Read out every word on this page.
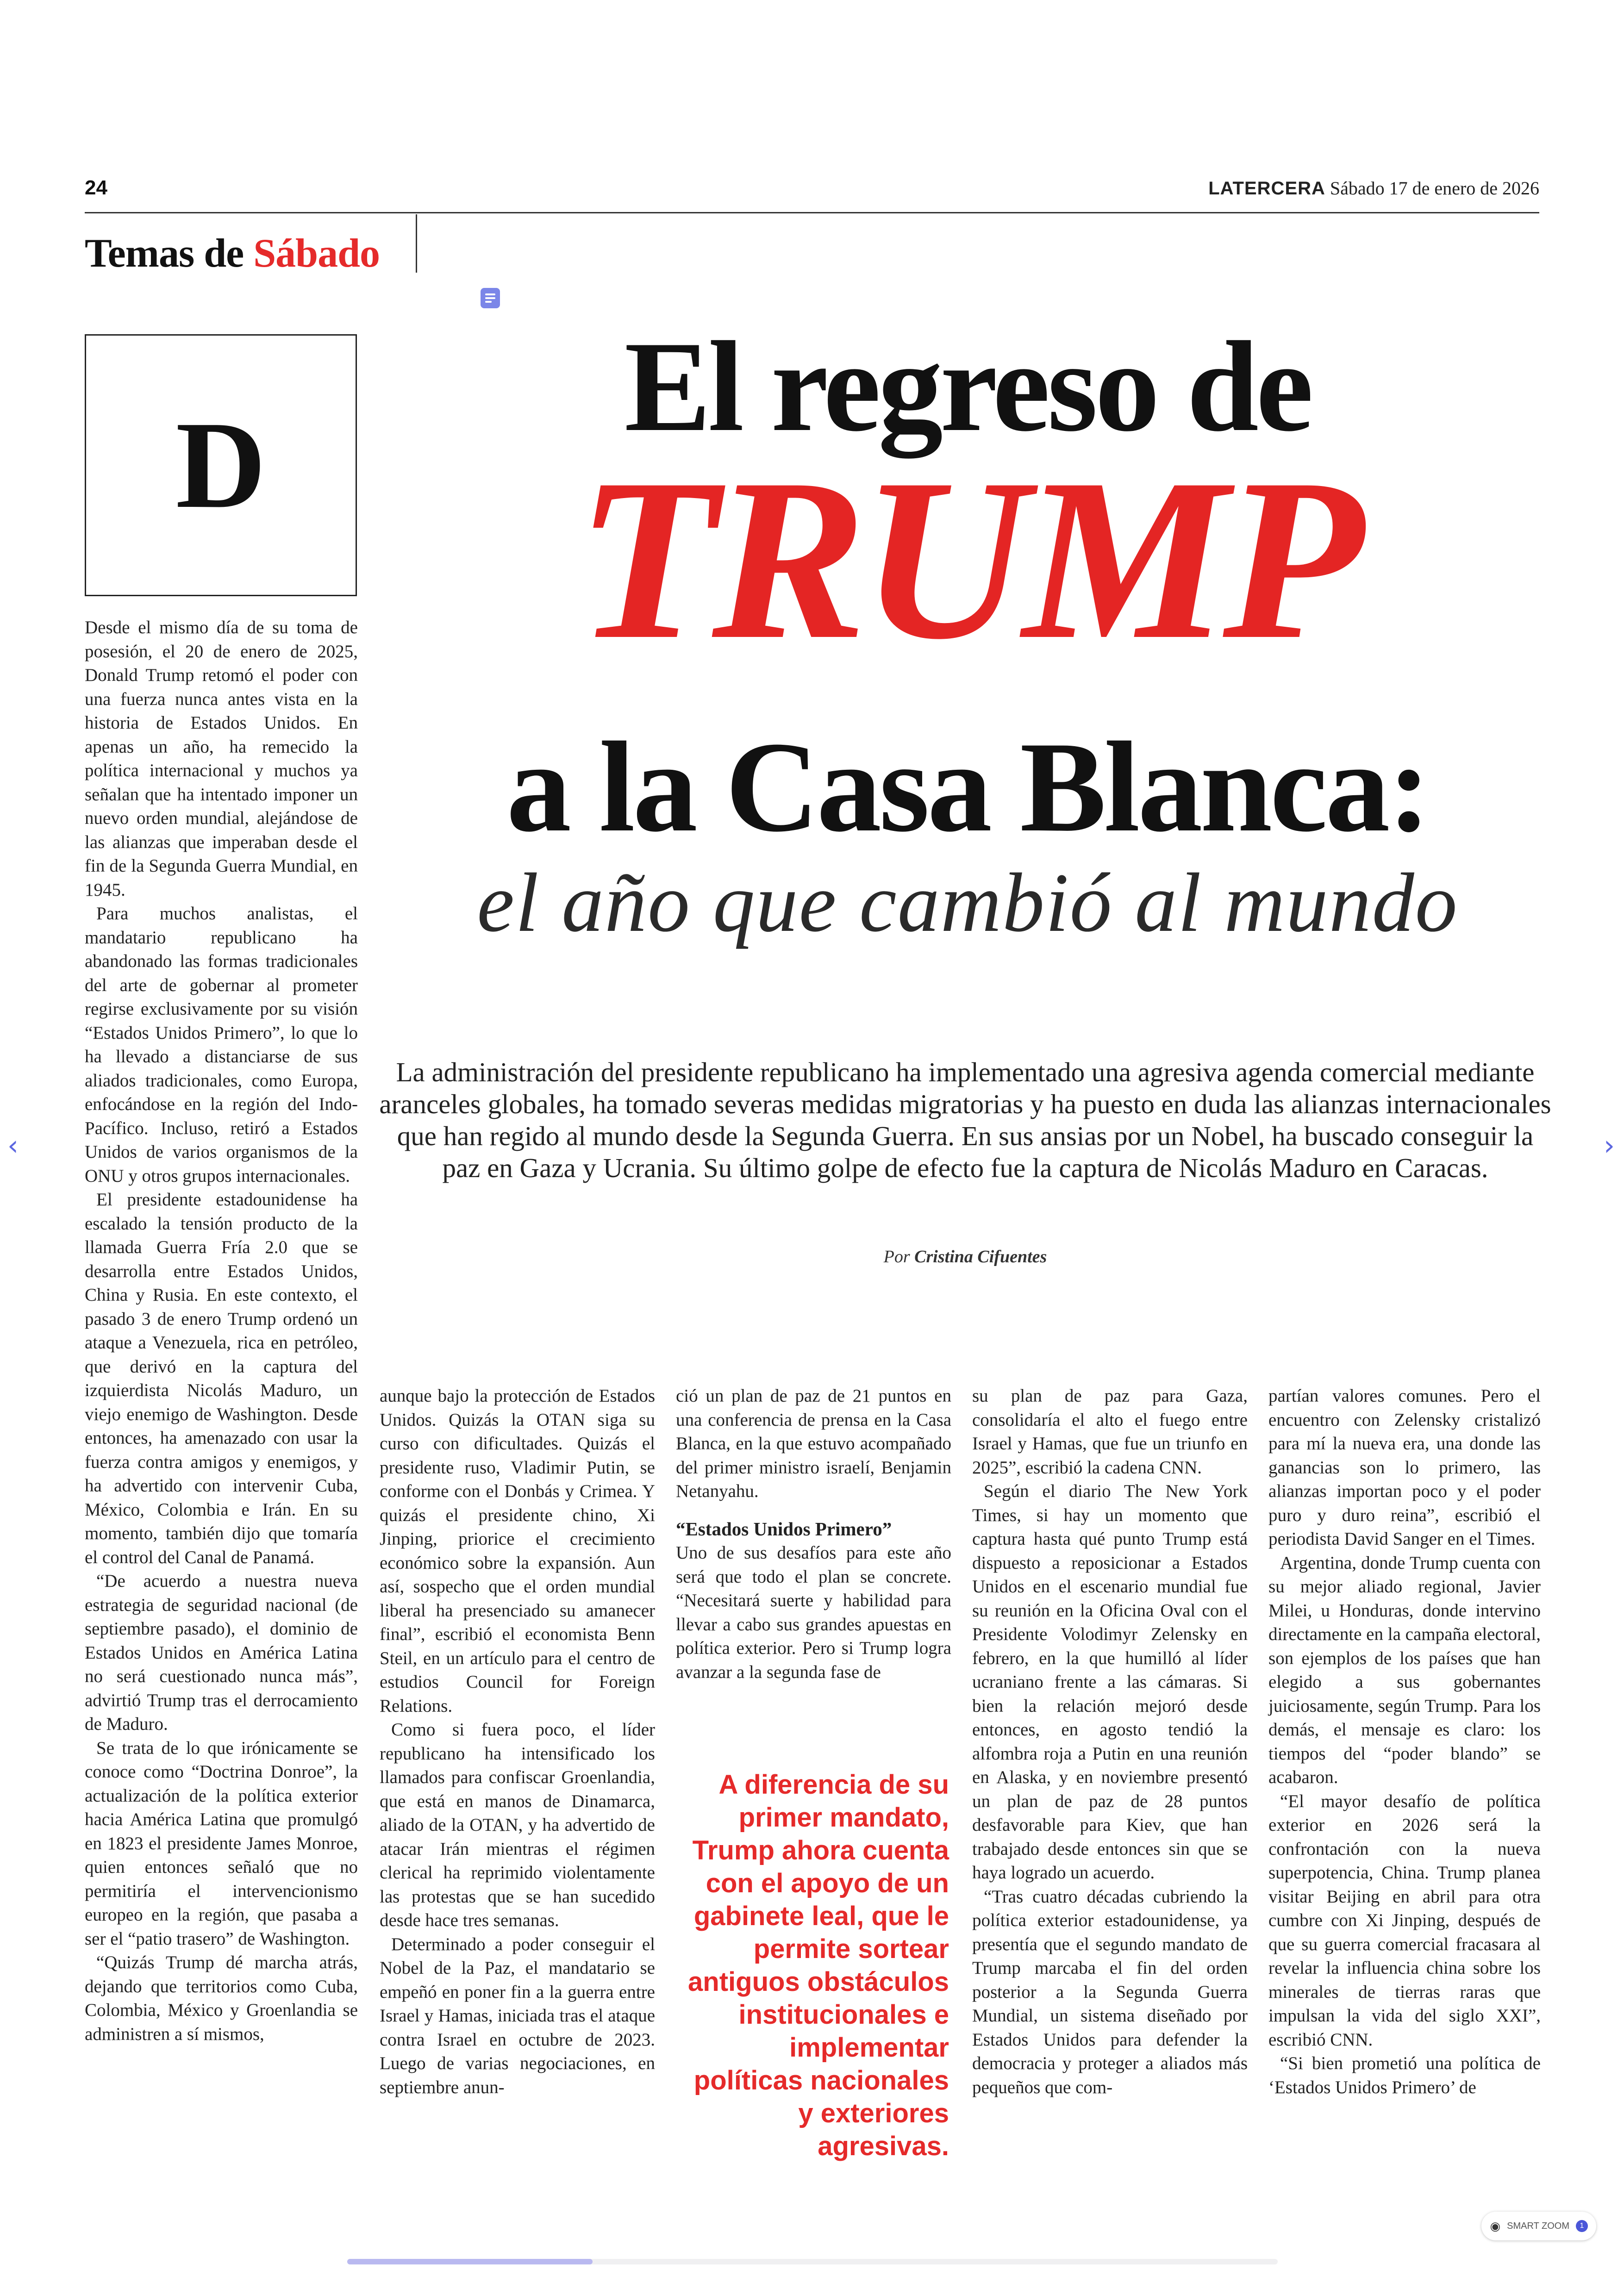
24	LATERCERA Sábado 17 de enero de 2026
Temas de Sábado
D
El regreso de
TRUMP
a la Casa Blanca:
el año que cambió al mundo
La administración del presidente republicano ha implementado una agresiva agenda comercial mediante aranceles globales, ha tomado severas medidas migratorias y ha puesto en duda las alianzas internacionales que han regido al mundo desde la Segunda Guerra. En sus ansias por un Nobel, ha buscado conseguir la paz en Gaza y Ucrania. Su último golpe de efecto fue la captura de Nicolás Maduro en Caracas.
Por Cristina Cifuentes

Desde el mismo día de su toma de posesión, el 20 de enero de 2025, Donald Trump retomó el poder con una fuerza nunca antes vista en la historia de Estados Unidos. En apenas un año, ha remecido la política internacional y muchos ya señalan que ha intentado imponer un nuevo orden mundial, alejándose de las alianzas que imperaban desde el fin de la Segunda Guerra Mundial, en 1945.

Para muchos analistas, el mandatario republicano ha abandonado las formas tradicionales del arte de gobernar al prometer regirse exclusivamente por su visión “Estados Unidos Primero”, lo que lo ha llevado a distanciarse de sus aliados tradicionales, como Europa, enfocándose en la región del Indo-Pacífico. Incluso, retiró a Estados Unidos de varios organismos de la ONU y otros grupos internacionales.

El presidente estadounidense ha escalado la tensión producto de la llamada Guerra Fría 2.0 que se desarrolla entre Estados Unidos, China y Rusia. En este contexto, el pasado 3 de enero Trump ordenó un ataque a Venezuela, rica en petróleo, que derivó en la captura del izquierdista Nicolás Maduro, un viejo enemigo de Washington. Desde entonces, ha amenazado con usar la fuerza contra amigos y enemigos, y ha advertido con intervenir Cuba, México, Colombia e Irán. En su momento, también dijo que tomaría el control del Canal de Panamá.

“De acuerdo a nuestra nueva estrategia de seguridad nacional (de septiembre pasado), el dominio de Estados Unidos en América Latina no será cuestionado nunca más”, advirtió Trump tras el derrocamiento de Maduro.

Se trata de lo que irónicamente se conoce como “Doctrina Donroe”, la actualización de la política exterior hacia América Latina que promulgó en 1823 el presidente James Monroe, quien entonces señaló que no permitiría el intervencionismo europeo en la región, que pasaba a ser el “patio trasero” de Washington.

“Quizás Trump dé marcha atrás, dejando que territorios como Cuba, Colombia, México y Groenlandia se administren a sí mismos,

aunque bajo la protección de Estados Unidos. Quizás la OTAN siga su curso con dificultades. Quizás el presidente ruso, Vladimir Putin, se conforme con el Donbás y Crimea. Y quizás el presidente chino, Xi Jinping, priorice el crecimiento económico sobre la expansión. Aun así, sospecho que el orden mundial liberal ha presenciado su amanecer final”, escribió el economista Benn Steil, en un artículo para el centro de estudios Council for Foreign Relations.

Como si fuera poco, el líder republicano ha intensificado los llamados para confiscar Groenlandia, que está en manos de Dinamarca, aliado de la OTAN, y ha advertido de atacar Irán mientras el régimen clerical ha reprimido violentamente las protestas que se han sucedido desde hace tres semanas.

Determinado a poder conseguir el Nobel de la Paz, el mandatario se empeñó en poner fin a la guerra entre Israel y Hamas, iniciada tras el ataque contra Israel en octubre de 2023. Luego de varias negociaciones, en septiembre anun-

ció un plan de paz de 21 puntos en una conferencia de prensa en la Casa Blanca, en la que estuvo acompañado del primer ministro israelí, Benjamin Netanyahu.

“Estados Unidos Primero”

Uno de sus desafíos para este año será que todo el plan se concrete. “Necesitará suerte y habilidad para llevar a cabo sus grandes apuestas en política exterior. Pero si Trump logra avanzar a la segunda fase de

A diferencia de su primer mandato, Trump ahora cuenta con el apoyo de un gabinete leal, que le permite sortear antiguos obstáculos institucionales e implementar políticas nacionales y exteriores agresivas.

su plan de paz para Gaza, consolidaría el alto el fuego entre Israel y Hamas, que fue un triunfo en 2025”, escribió la cadena CNN.

Según el diario The New York Times, si hay un momento que captura hasta qué punto Trump está dispuesto a reposicionar a Estados Unidos en el escenario mundial fue su reunión en la Oficina Oval con el Presidente Volodimyr Zelensky en febrero, en la que humilló al líder ucraniano frente a las cámaras. Si bien la relación mejoró desde entonces, en agosto tendió la alfombra roja a Putin en una reunión en Alaska, y en noviembre presentó un plan de paz de 28 puntos desfavorable para Kiev, que han trabajado desde entonces sin que se haya logrado un acuerdo.

“Tras cuatro décadas cubriendo la política exterior estadounidense, ya presentía que el segundo mandato de Trump marcaba el fin del orden posterior a la Segunda Guerra Mundial, un sistema diseñado por Estados Unidos para defender la democracia y proteger a aliados más pequeños que com-

partían valores comunes. Pero el encuentro con Zelensky cristalizó para mí la nueva era, una donde las ganancias son lo primero, las alianzas importan poco y el poder puro y duro reina”, escribió el periodista David Sanger en el Times.

Argentina, donde Trump cuenta con su mejor aliado regional, Javier Milei, u Honduras, donde intervino directamente en la campaña electoral, son ejemplos de los países que han elegido a sus gobernantes juiciosamente, según Trump. Para los demás, el mensaje es claro: los tiempos del “poder blando” se acabaron.

“El mayor desafío de política exterior en 2026 será la confrontación con la nueva superpotencia, China. Trump planea visitar Beijing en abril para otra cumbre con Xi Jinping, después de que su guerra comercial fracasara al revelar la influencia china sobre los minerales de tierras raras que impulsan la vida del siglo XXI”, escribió CNN.

“Si bien prometió una política de ‘Estados Unidos Primero’ de

‹	›
◉ SMART ZOOM	1
